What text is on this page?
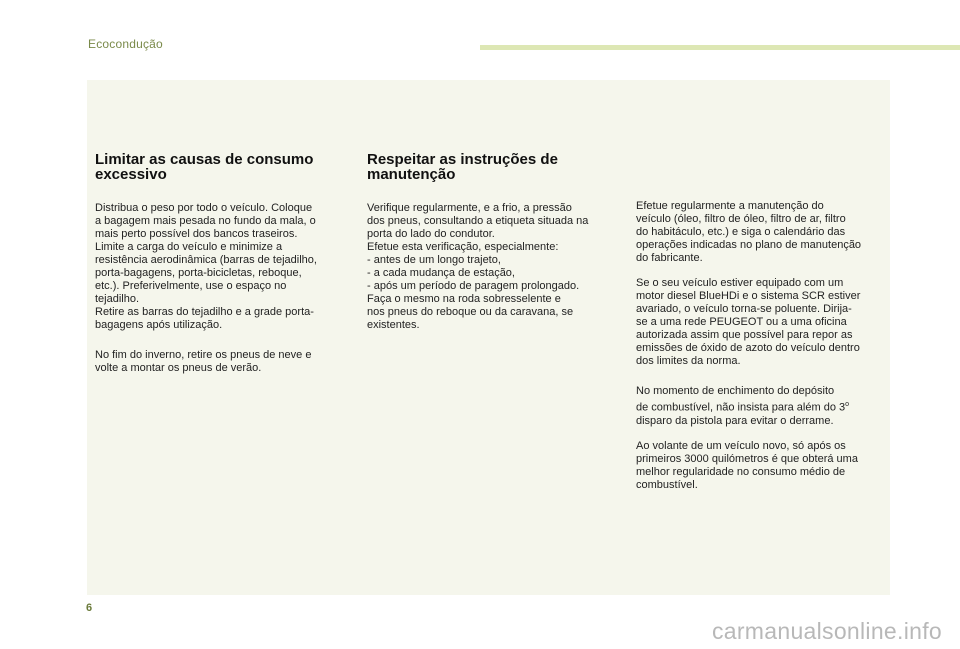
Ecocondução
Limitar as causas de consumo
excessivo

Distribua o peso por todo o veículo. Coloque
a bagagem mais pesada no fundo da mala, o
mais perto possível dos bancos traseiros.
Limite a carga do veículo e minimize a
resistência aerodinâmica (barras de tejadilho,
porta-bagagens, porta-bicicletas, reboque,
etc.). Preferivelmente, use o espaço no
tejadilho.
Retire as barras do tejadilho e a grade porta-
bagagens após utilização.

No fim do inverno, retire os pneus de neve e
volte a montar os pneus de verão.

Respeitar as instruções de
manutenção

Verifique regularmente, e a frio, a pressão
dos pneus, consultando a etiqueta situada na
porta do lado do condutor.
Efetue esta verificação, especialmente:
- antes de um longo trajeto,
- a cada mudança de estação,
- após um período de paragem prolongado.
Faça o mesmo na roda sobresselente e
nos pneus do reboque ou da caravana, se
existentes.

Efetue regularmente a manutenção do
veículo (óleo, filtro de óleo, filtro de ar, filtro
do habitáculo, etc.) e siga o calendário das
operações indicadas no plano de manutenção
do fabricante.

Se o seu veículo estiver equipado com um
motor diesel BlueHDi e o sistema SCR estiver
avariado, o veículo torna-se poluente. Dirija-
se a uma rede PEUGEOT ou a uma oficina
autorizada assim que possível para repor as
emissões de óxido de azoto do veículo dentro
dos limites da norma.

No momento de enchimento do depósito
de combustível, não insista para além do 3$^o$
disparo da pistola para evitar o derrame.

Ao volante de um veículo novo, só após os
primeiros 3000 quilómetros é que obterá uma
melhor regularidade no consumo médio de
combustível.

6
carmanualsonline.info
